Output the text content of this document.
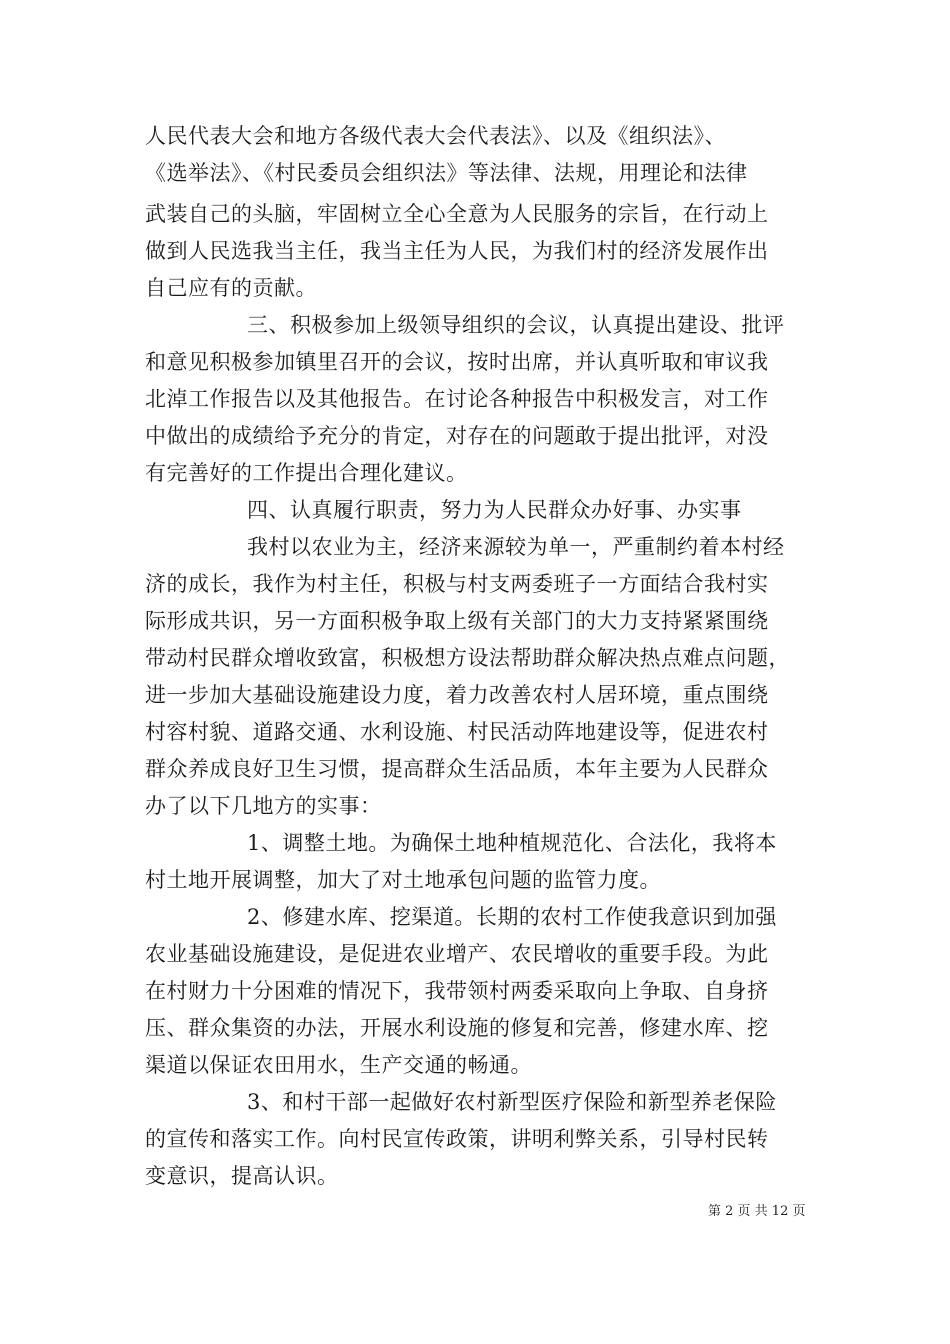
人民代表大会和地方各级代表大会代表法》、以及《组织法》、
《选举法》、《村民委员会组织法》等法律、法规，用理论和法律
武装自己的头脑，牢固树立全心全意为人民服务的宗旨，在行动上
做到人民选我当主任，我当主任为人民，为我们村的经济发展作出
自己应有的贡献。
三、积极参加上级领导组织的会议，认真提出建设、批评
和意见积极参加镇里召开的会议，按时出席，并认真听取和审议我
北淖工作报告以及其他报告。在讨论各种报告中积极发言，对工作
中做出的成绩给予充分的肯定，对存在的问题敢于提出批评，对没
有完善好的工作提出合理化建议。
四、认真履行职责，努力为人民群众办好事、办实事
我村以农业为主，经济来源较为单一，严重制约着本村经
济的成长，我作为村主任，积极与村支两委班子一方面结合我村实
际形成共识，另一方面积极争取上级有关部门的大力支持紧紧围绕
带动村民群众增收致富，积极想方设法帮助群众解决热点难点问题，
进一步加大基础设施建设力度，着力改善农村人居环境，重点围绕
村容村貌、道路交通、水利设施、村民活动阵地建设等，促进农村
群众养成良好卫生习惯，提高群众生活品质，本年主要为人民群众
办了以下几地方的实事：
1、调整土地。为确保土地种植规范化、合法化，我将本
村土地开展调整，加大了对土地承包问题的监管力度。
2、修建水库、挖渠道。长期的农村工作使我意识到加强
农业基础设施建设，是促进农业增产、农民增收的重要手段。为此
在村财力十分困难的情况下，我带领村两委采取向上争取、自身挤
压、群众集资的办法，开展水利设施的修复和完善，修建水库、挖
渠道以保证农田用水，生产交通的畅通。
3、和村干部一起做好农村新型医疗保险和新型养老保险
的宣传和落实工作。向村民宣传政策，讲明利弊关系，引导村民转
变意识，提高认识。
第 2 页 共 12 页
